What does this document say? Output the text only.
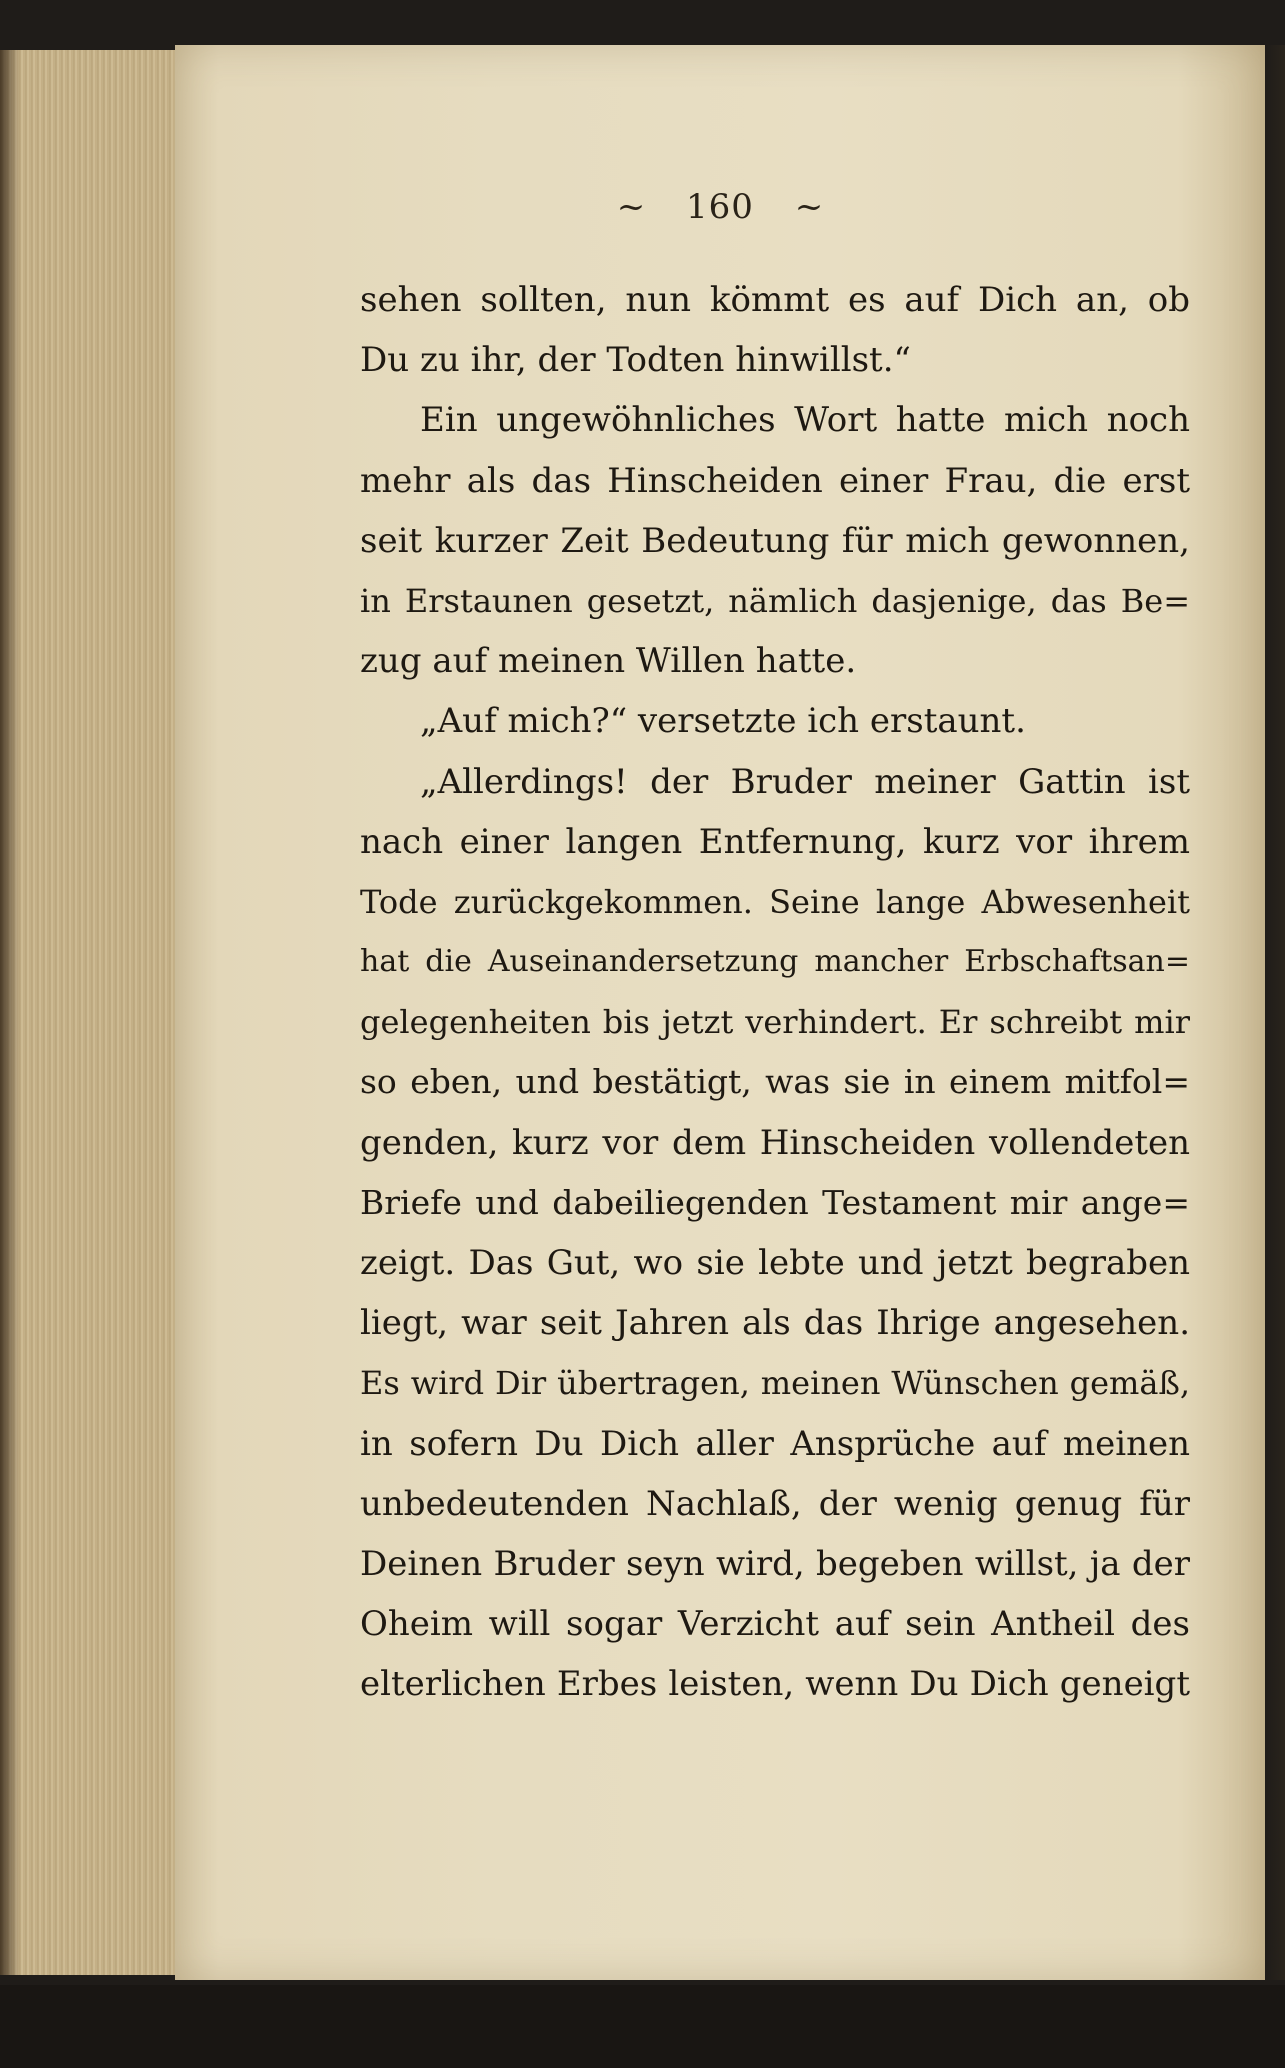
~ 160 ~
sehen sollten, nun kömmt es auf Dich an, ob
Du zu ihr, der Todten hinwillst.“
Ein ungewöhnliches Wort hatte mich noch
mehr als das Hinscheiden einer Frau, die erst
seit kurzer Zeit Bedeutung für mich gewonnen,
in Erstaunen gesetzt, nämlich dasjenige, das Be=
zug auf meinen Willen hatte.
„Auf mich?“ versetzte ich erstaunt.
„Allerdings! der Bruder meiner Gattin ist
nach einer langen Entfernung, kurz vor ihrem
Tode zurückgekommen. Seine lange Abwesenheit
hat die Auseinandersetzung mancher Erbschaftsan=
gelegenheiten bis jetzt verhindert. Er schreibt mir
so eben, und bestätigt, was sie in einem mitfol=
genden, kurz vor dem Hinscheiden vollendeten
Briefe und dabeiliegenden Testament mir ange=
zeigt. Das Gut, wo sie lebte und jetzt begraben
liegt, war seit Jahren als das Ihrige angesehen.
Es wird Dir übertragen, meinen Wünschen gemäß,
in sofern Du Dich aller Ansprüche auf meinen
unbedeutenden Nachlaß, der wenig genug für
Deinen Bruder seyn wird, begeben willst, ja der
Oheim will sogar Verzicht auf sein Antheil des
elterlichen Erbes leisten, wenn Du Dich geneigt
